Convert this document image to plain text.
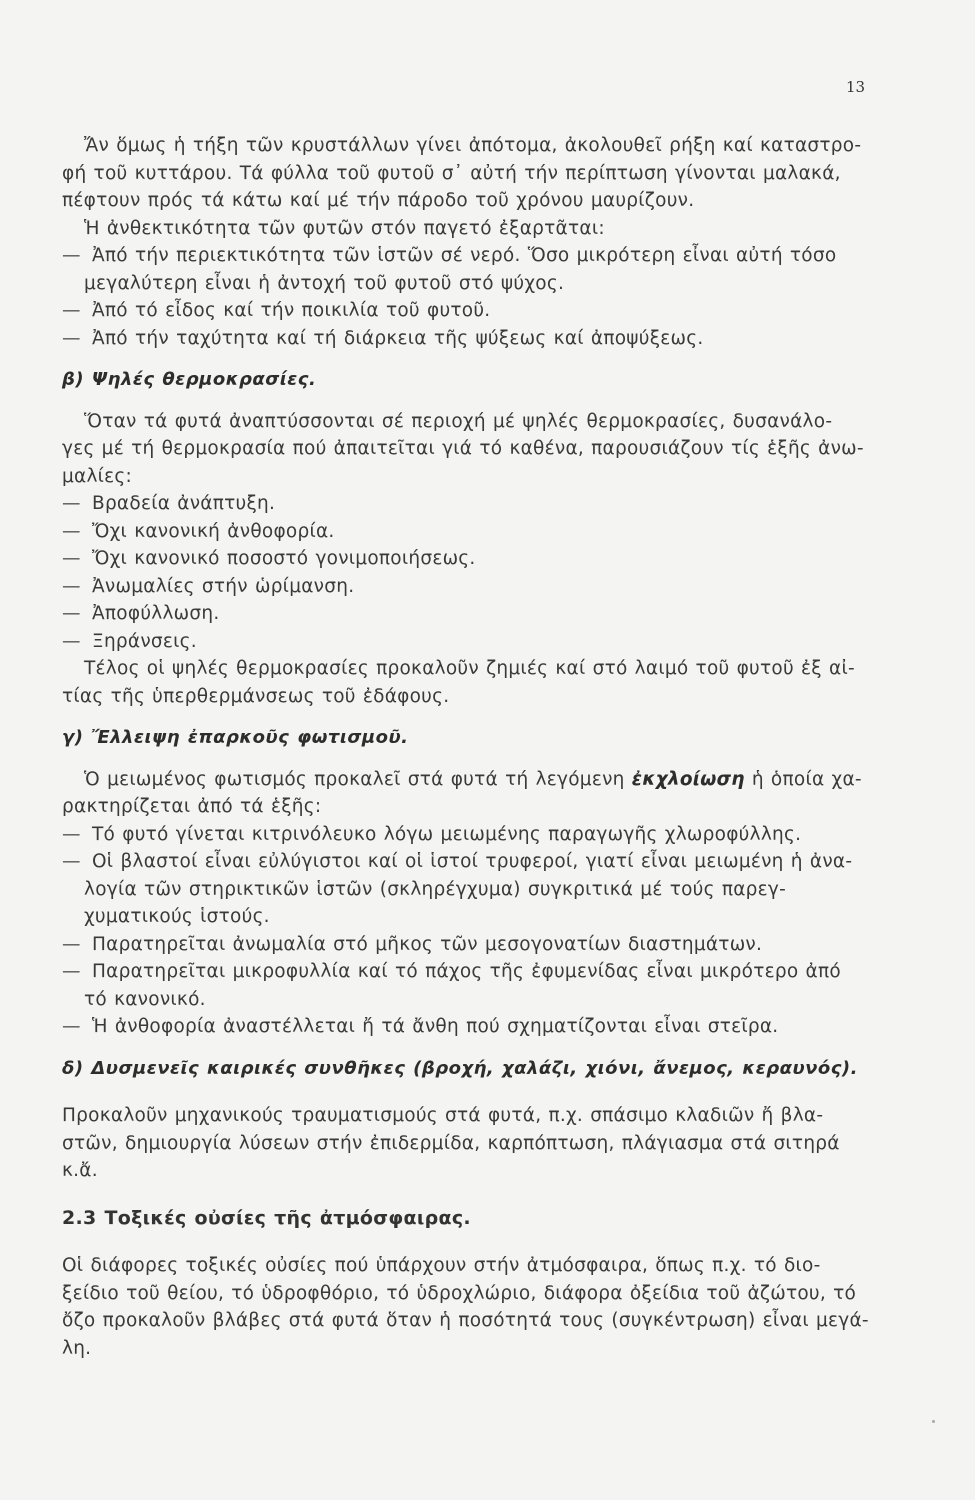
13
Ἄν ὅμως ἡ τήξη τῶν κρυστάλλων γίνει ἀπότομα, ἀκολουθεῖ ρήξη καί καταστρο-
φή τοῦ κυττάρου. Τά φύλλα τοῦ φυτοῦ σ᾿ αὐτή τήν περίπτωση γίνονται μαλακά,
πέφτουν πρός τά κάτω καί μέ τήν πάροδο τοῦ χρόνου μαυρίζουν.
Ἡ ἀνθεκτικότητα τῶν φυτῶν στόν παγετό ἐξαρτᾶται:
— Ἀπό τήν περιεκτικότητα τῶν ἱστῶν σέ νερό. Ὅσο μικρότερη εἶναι αὐτή τόσο
μεγαλύτερη εἶναι ἡ ἀντοχή τοῦ φυτοῦ στό ψύχος.
— Ἀπό τό εἶδος καί τήν ποικιλία τοῦ φυτοῦ.
— Ἀπό τήν ταχύτητα καί τή διάρκεια τῆς ψύξεως καί ἀποψύξεως.
β) Ψηλές θερμοκρασίες.
Ὅταν τά φυτά ἀναπτύσσονται σέ περιοχή μέ ψηλές θερμοκρασίες, δυσανάλο-
γες μέ τή θερμοκρασία πού ἀπαιτεῖται γιά τό καθένα, παρουσιάζουν τίς ἑξῆς ἀνω-
μαλίες:
— Βραδεία ἀνάπτυξη.
— Ὄχι κανονική ἀνθοφορία.
— Ὄχι κανονικό ποσοστό γονιμοποιήσεως.
— Ἀνωμαλίες στήν ὡρίμανση.
— Ἀποφύλλωση.
— Ξηράνσεις.
Τέλος οἱ ψηλές θερμοκρασίες προκαλοῦν ζημιές καί στό λαιμό τοῦ φυτοῦ ἐξ αἰ-
τίας τῆς ὑπερθερμάνσεως τοῦ ἐδάφους.
γ) Ἔλλειψη ἐπαρκοῦς φωτισμοῦ.
Ὁ μειωμένος φωτισμός προκαλεῖ στά φυτά τή λεγόμενη ἐκχλοίωση ἡ ὁποία χα-
ρακτηρίζεται ἀπό τά ἑξῆς:
— Τό φυτό γίνεται κιτρινόλευκο λόγω μειωμένης παραγωγῆς χλωροφύλλης.
— Οἱ βλαστοί εἶναι εὐλύγιστοι καί οἱ ἱστοί τρυφεροί, γιατί εἶναι μειωμένη ἡ ἀνα-
λογία τῶν στηρικτικῶν ἱστῶν (σκληρέγχυμα) συγκριτικά μέ τούς παρεγ-
χυματικούς ἱστούς.
— Παρατηρεῖται ἀνωμαλία στό μῆκος τῶν μεσογονατίων διαστημάτων.
— Παρατηρεῖται μικροφυλλία καί τό πάχος τῆς ἐφυμενίδας εἶναι μικρότερο ἀπό
τό κανονικό.
— Ἡ ἀνθοφορία ἀναστέλλεται ἤ τά ἄνθη πού σχηματίζονται εἶναι στεῖρα.
δ) Δυσμενεῖς καιρικές συνθῆκες (βροχή, χαλάζι, χιόνι, ἄνεμος, κεραυνός).
Προκαλοῦν μηχανικούς τραυματισμούς στά φυτά, π.χ. σπάσιμο κλαδιῶν ἤ βλα-
στῶν, δημιουργία λύσεων στήν ἐπιδερμίδα, καρπόπτωση, πλάγιασμα στά σιτηρά
κ.ἄ.
2.3 Τοξικές οὐσίες τῆς ἀτμόσφαιρας.
Οἱ διάφορες τοξικές οὐσίες πού ὑπάρχουν στήν ἀτμόσφαιρα, ὅπως π.χ. τό διο-
ξείδιο τοῦ θείου, τό ὑδροφθόριο, τό ὑδροχλώριο, διάφορα ὀξείδια τοῦ ἀζώτου, τό
ὄζο προκαλοῦν βλάβες στά φυτά ὅταν ἡ ποσότητά τους (συγκέντρωση) εἶναι μεγά-
λη.
